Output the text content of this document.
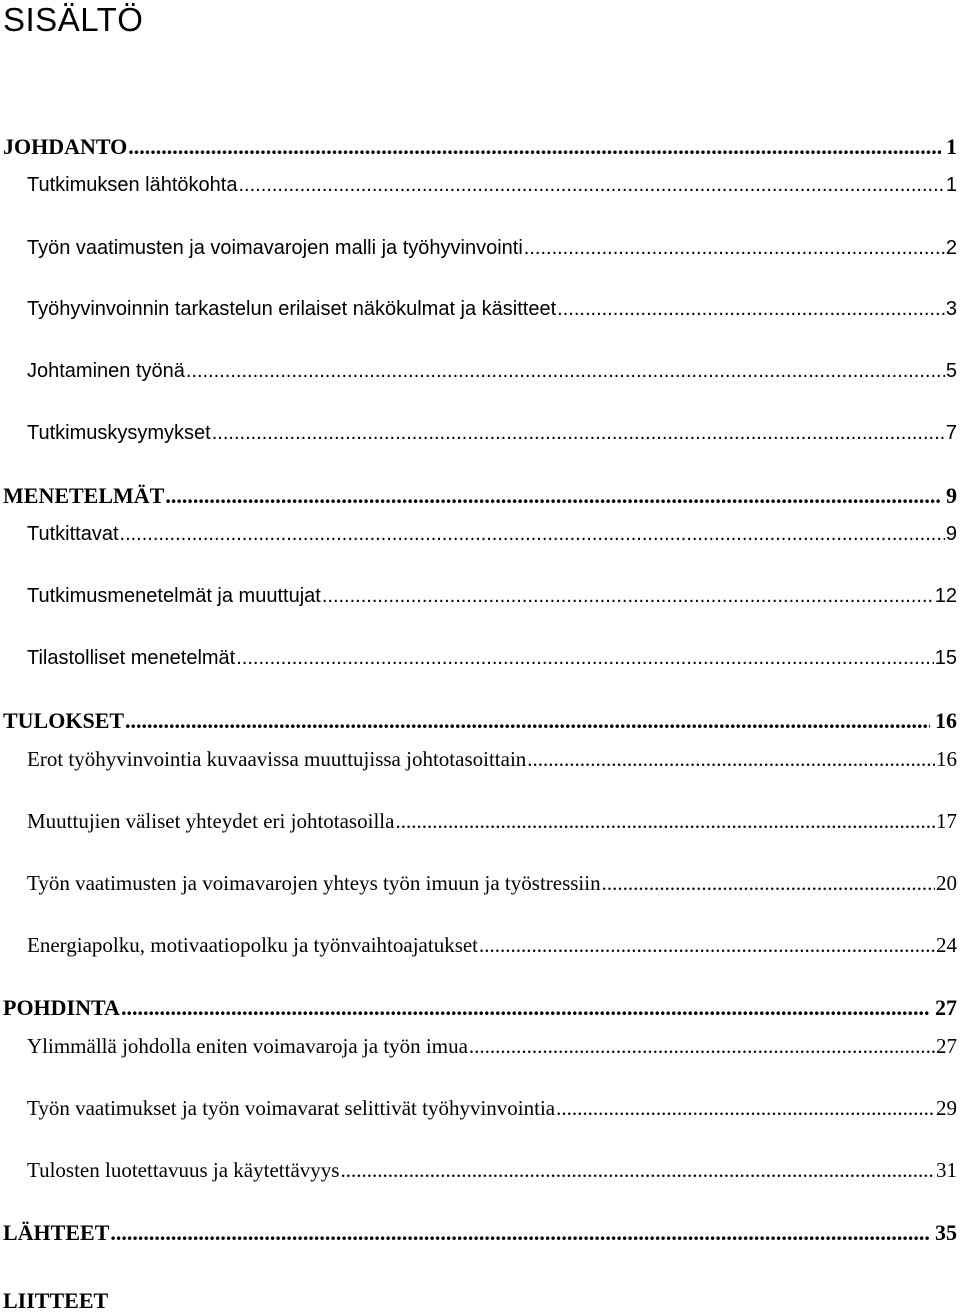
SISÄLTÖ
JOHDANTO .....	1
Tutkimuksen lähtökohta .....	1
Työn vaatimusten ja voimavarojen malli ja työhyvinvointi .....	2
Työhyvinvoinnin tarkastelun erilaiset näkökulmat ja käsitteet .....	3
Johtaminen työnä .....	5
Tutkimuskysymykset .....	7
MENETELMÄT .....	9
Tutkittavat .....	9
Tutkimusmenetelmät ja muuttujat .....	12
Tilastolliset menetelmät .....	15
TULOKSET .....	16
Erot työhyvinvointia kuvaavissa muuttujissa johtotasoittain .....	16
Muuttujien väliset yhteydet eri johtotasoilla .....	17
Työn vaatimusten ja voimavarojen yhteys työn imuun ja työstressiin .....	20
Energiapolku, motivaatiopolku ja työnvaihtoajatukset .....	24
POHDINTA .....	27
Ylimmällä johdolla eniten voimavaroja ja työn imua .....	27
Työn vaatimukset ja työn voimavarat selittivät työhyvinvointia .....	29
Tulosten luotettavuus ja käytettävyys .....	31
LÄHTEET .....	35
LIITTEET
